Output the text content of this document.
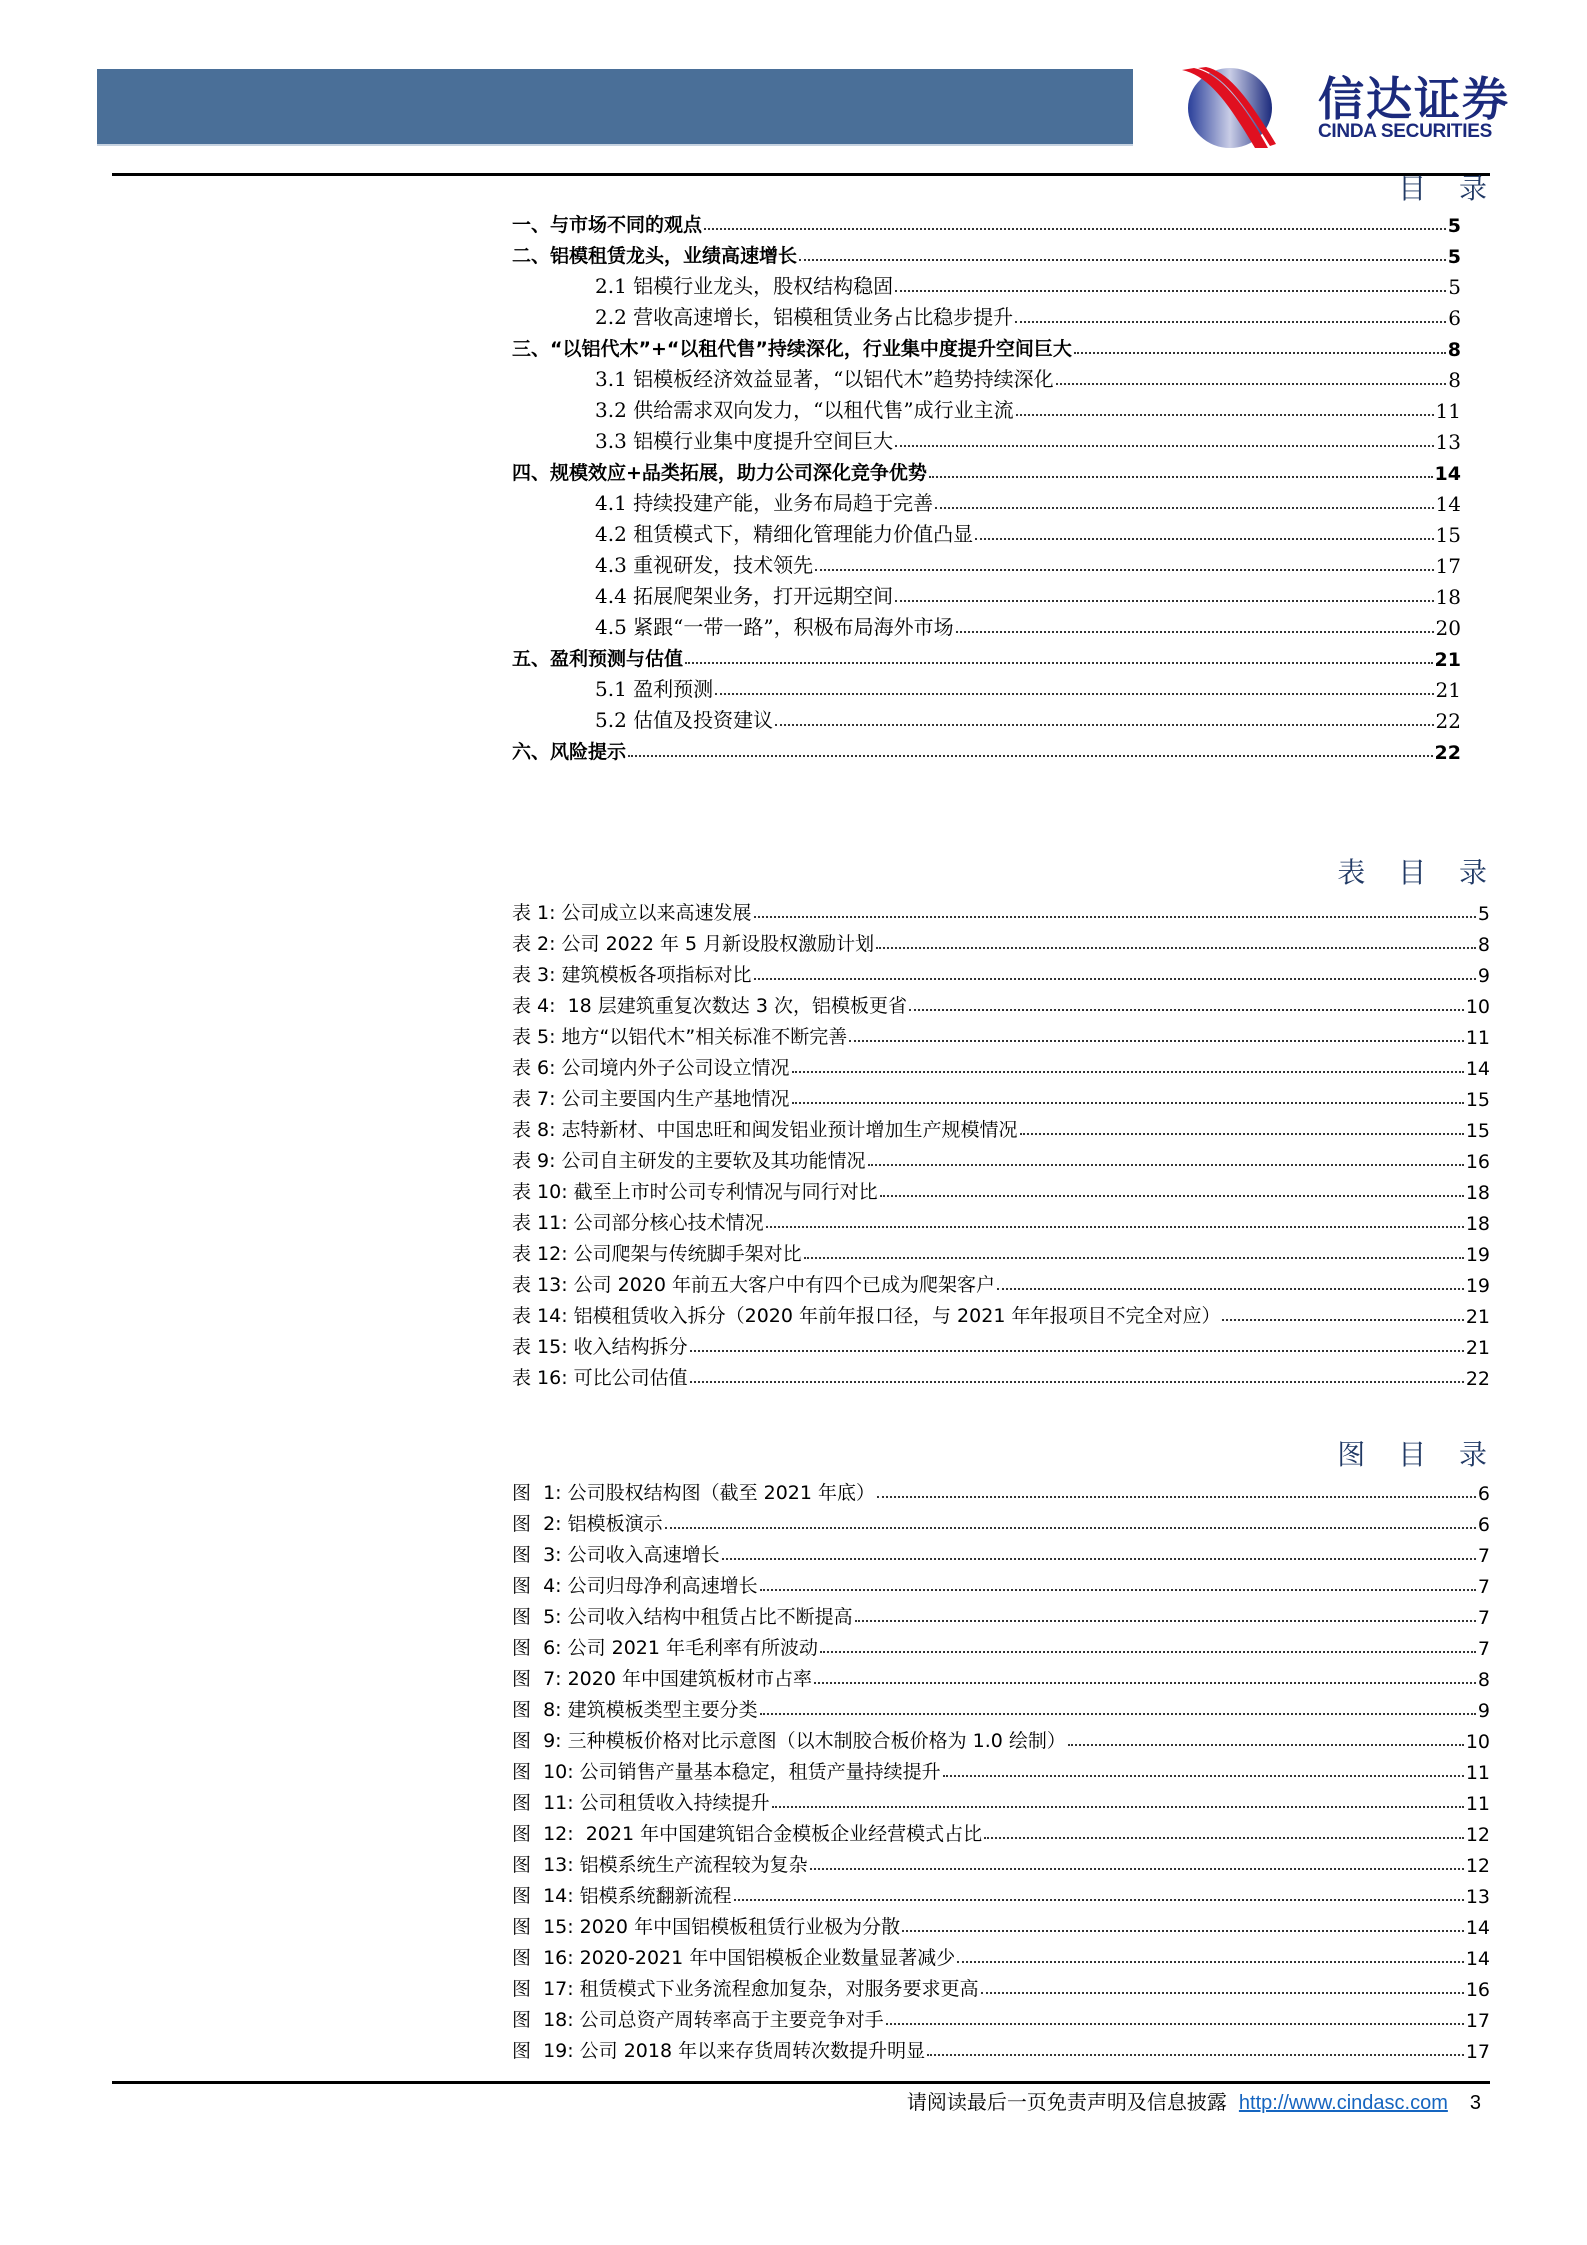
信达证券
CINDA SECURITIES
目 录
一、与市场不同的观点	5
二、铝模租赁龙头，业绩高速增长	5
2.1 铝模行业龙头，股权结构稳固	5
2.2 营收高速增长，铝模租赁业务占比稳步提升	6
三、“以铝代木”+“以租代售”持续深化，行业集中度提升空间巨大	8
3.1 铝模板经济效益显著，“以铝代木”趋势持续深化	8
3.2 供给需求双向发力，“以租代售”成行业主流	11
3.3 铝模行业集中度提升空间巨大	13
四、规模效应+品类拓展，助力公司深化竞争优势	14
4.1 持续投建产能，业务布局趋于完善	14
4.2 租赁模式下，精细化管理能力价值凸显	15
4.3 重视研发，技术领先	17
4.4 拓展爬架业务，打开远期空间	18
4.5 紧跟“一带一路”，积极布局海外市场	20
五、盈利预测与估值	21
5.1 盈利预测	21
5.2 估值及投资建议	22
六、风险提示	22
表 目 录
表 1: 公司成立以来高速发展	5
表 2: 公司 2022 年 5 月新设股权激励计划	8
表 3: 建筑模板各项指标对比	9
表 4: 18 层建筑重复次数达 3 次，铝模板更省	10
表 5: 地方“以铝代木”相关标准不断完善	11
表 6: 公司境内外子公司设立情况	14
表 7: 公司主要国内生产基地情况	15
表 8: 志特新材、中国忠旺和闽发铝业预计增加生产规模情况	15
表 9: 公司自主研发的主要软及其功能情况	16
表 10: 截至上市时公司专利情况与同行对比	18
表 11: 公司部分核心技术情况	18
表 12: 公司爬架与传统脚手架对比	19
表 13: 公司 2020 年前五大客户中有四个已成为爬架客户	19
表 14: 铝模租赁收入拆分（2020 年前年报口径，与 2021 年年报项目不完全对应）	21
表 15: 收入结构拆分	21
表 16: 可比公司估值	22
图 目 录
图  1: 公司股权结构图（截至 2021 年底）	6
图  2: 铝模板演示	6
图  3: 公司收入高速增长	7
图  4: 公司归母净利高速增长	7
图  5: 公司收入结构中租赁占比不断提高	7
图  6: 公司 2021 年毛利率有所波动	7
图  7: 2020 年中国建筑板材市占率	8
图  8: 建筑模板类型主要分类	9
图  9: 三种模板价格对比示意图（以木制胶合板价格为 1.0 绘制）	10
图  10: 公司销售产量基本稳定，租赁产量持续提升	11
图  11: 公司租赁收入持续提升	11
图  12: 2021 年中国建筑铝合金模板企业经营模式占比	12
图  13: 铝模系统生产流程较为复杂	12
图  14: 铝模系统翻新流程	13
图  15: 2020 年中国铝模板租赁行业极为分散	14
图  16: 2020-2021 年中国铝模板企业数量显著减少	14
图  17: 租赁模式下业务流程愈加复杂，对服务要求更高	16
图  18: 公司总资产周转率高于主要竞争对手	17
图  19: 公司 2018 年以来存货周转次数提升明显	17
请阅读最后一页免责声明及信息披露 http://www.cindasc.com 3
